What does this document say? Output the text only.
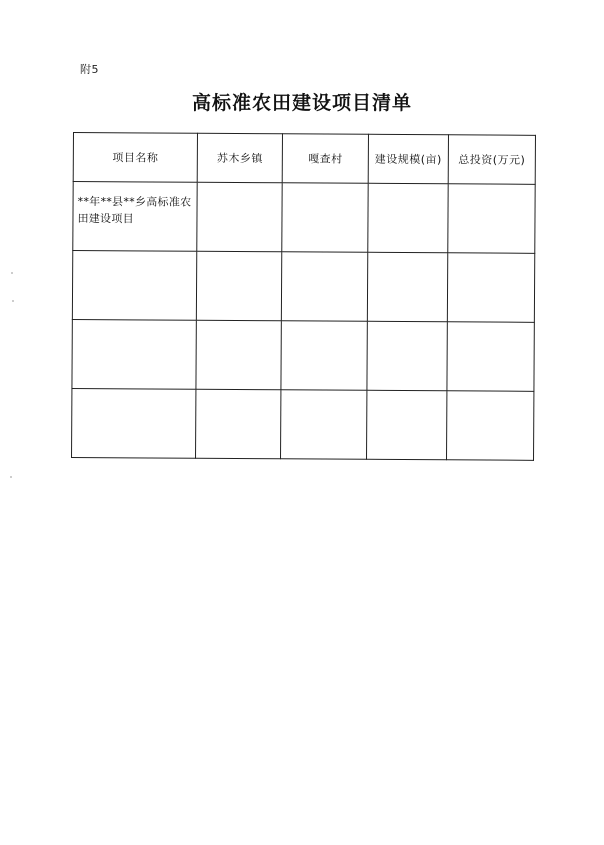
附5
高标准农田建设项目清单
项目名称	苏木乡镇	嘎查村	建设规模(亩)	总投资(万元)
**年**县**乡高标准农田建设项目				
